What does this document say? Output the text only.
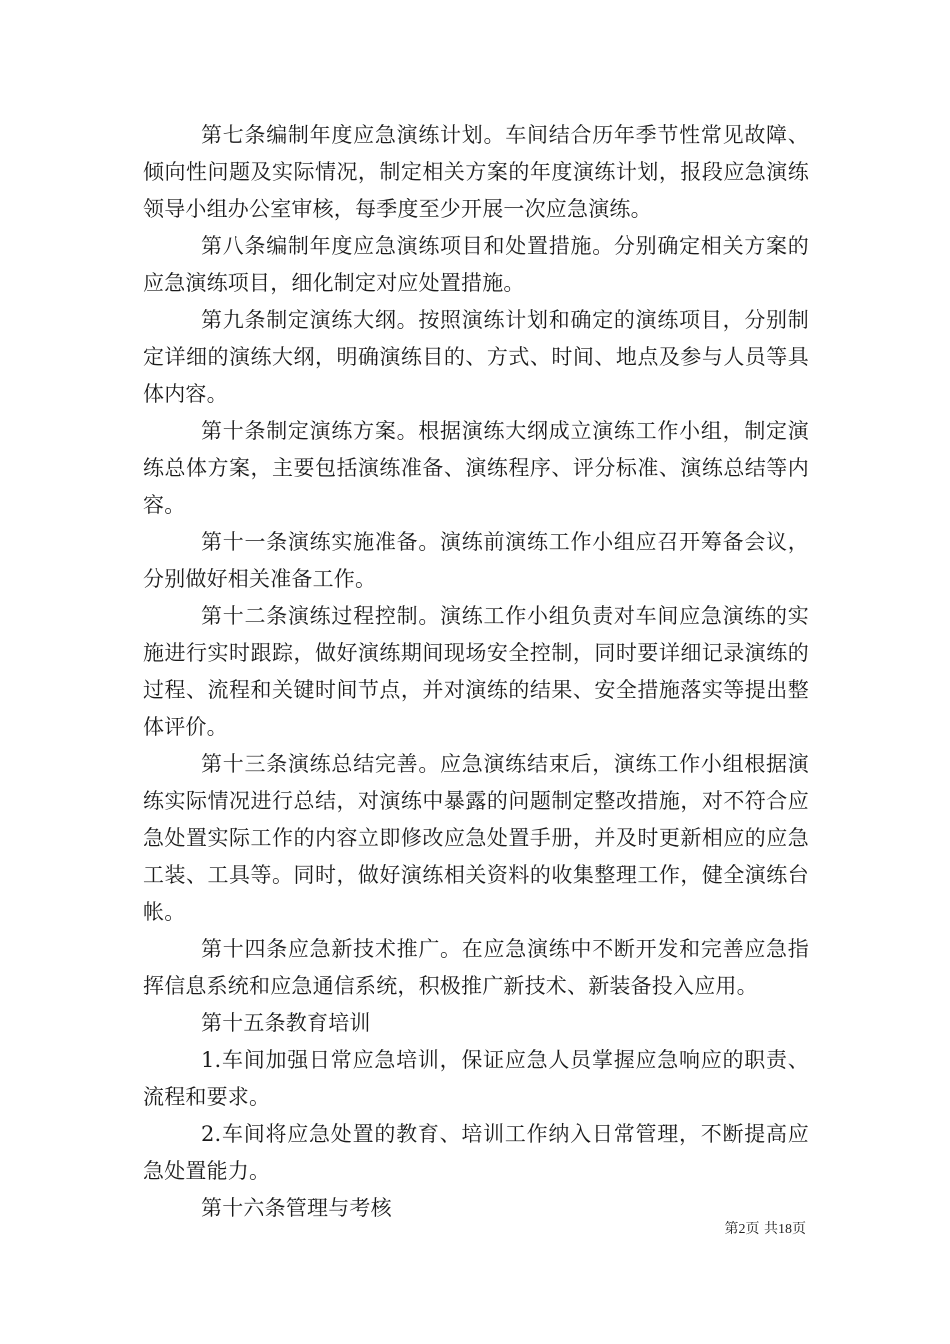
第七条编制年度应急演练计划。车间结合历年季节性常见故障、倾向性问题及实际情况，制定相关方案的年度演练计划，报段应急演练领导小组办公室审核，每季度至少开展一次应急演练。

第八条编制年度应急演练项目和处置措施。分别确定相关方案的应急演练项目，细化制定对应处置措施。

第九条制定演练大纲。按照演练计划和确定的演练项目，分别制定详细的演练大纲，明确演练目的、方式、时间、地点及参与人员等具体内容。

第十条制定演练方案。根据演练大纲成立演练工作小组，制定演练总体方案，主要包括演练准备、演练程序、评分标准、演练总结等内容。

第十一条演练实施准备。演练前演练工作小组应召开筹备会议，分别做好相关准备工作。

第十二条演练过程控制。演练工作小组负责对车间应急演练的实施进行实时跟踪，做好演练期间现场安全控制，同时要详细记录演练的过程、流程和关键时间节点，并对演练的结果、安全措施落实等提出整体评价。

第十三条演练总结完善。应急演练结束后，演练工作小组根据演练实际情况进行总结，对演练中暴露的问题制定整改措施，对不符合应急处置实际工作的内容立即修改应急处置手册，并及时更新相应的应急工装、工具等。同时，做好演练相关资料的收集整理工作，健全演练台帐。

第十四条应急新技术推广。在应急演练中不断开发和完善应急指挥信息系统和应急通信系统，积极推广新技术、新装备投入应用。

第十五条教育培训

1.车间加强日常应急培训，保证应急人员掌握应急响应的职责、流程和要求。

2.车间将应急处置的教育、培训工作纳入日常管理，不断提高应急处置能力。

第十六条管理与考核

第2页 共18页
